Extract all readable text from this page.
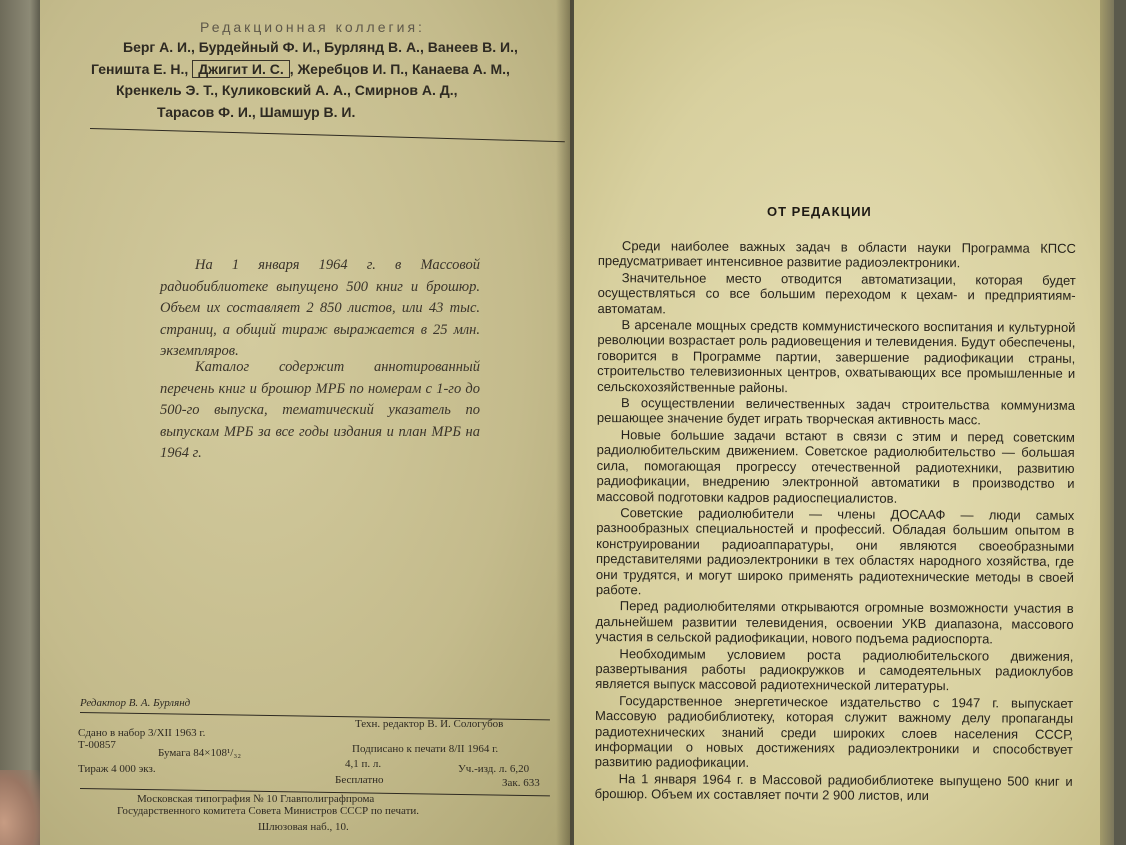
Редакционная коллегия:
Берг А. И., Бурдейный Ф. И., Бурлянд В. А., Ванеев В. И.,
Геништа Е. Н., Джигит И. С. , Жеребцов И. П., Канаева А. М.,
Кренкель Э. Т., Куликовский А. А., Смирнов А. Д.,
Тарасов Ф. И., Шамшур В. И.
На 1 января 1964 г. в Массовой радиобиблиотеке выпущено 500 книг и брошюр. Объем их составляет 2 850 листов, или 43 тыс. страниц, а общий тираж выражается в 25 млн. экземпляров.
Каталог содержит аннотированный перечень книг и брошюр МРБ по номерам с 1-го до 500-го выпуска, тематический указатель по выпускам МРБ за все годы издания и план МРБ на 1964 г.
Редактор В. А. Бурлянд
Техн. редактор В. И. Сологубов
Сдано в набор 3/XII 1963 г.
Т-00857
Бумага 84×108¹/₃₂
Тираж 4 000 экз.
Подписано к печати 8/II 1964 г.
4,1 п. л.	Уч.-изд. л. 6,20
Бесплатно	Зак. 633
Московская типография № 10 Главполиграфпрома
Государственного комитета Совета Министров СССР по печати.
Шлюзовая наб., 10.
ОТ РЕДАКЦИИ

Среди наиболее важных задач в области науки Программа КПСС предусматривает интенсивное развитие радиоэлектроники.

Значительное место отводится автоматизации, которая будет осуществляться со все большим переходом к цехам- и предприятиям-автоматам.

В арсенале мощных средств коммунистического воспитания и культурной революции возрастает роль радиовещения и телевидения. Будут обеспечены, говорится в Программе партии, завершение радиофикации страны, строительство телевизионных центров, охватывающих все промышленные и сельскохозяйственные районы.

В осуществлении величественных задач строительства коммунизма решающее значение будет играть творческая активность масс.

Новые большие задачи встают в связи с этим и перед советским радиолюбительским движением. Советское радиолюбительство — большая сила, помогающая прогрессу отечественной радиотехники, развитию радиофикации, внедрению электронной автоматики в производство и массовой подготовки кадров радиоспециалистов.

Советские радиолюбители — члены ДОСААФ — люди самых разнообразных специальностей и профессий. Обладая большим опытом в конструировании радиоаппаратуры, они являются своеобразными представителями радиоэлектроники в тех областях народного хозяйства, где они трудятся, и могут широко применять радиотехнические методы в своей работе.

Перед радиолюбителями открываются огромные возможности участия в дальнейшем развитии телевидения, освоении УКВ диапазона, массового участия в сельской радиофикации, нового подъема радиоспорта.

Необходимым условием роста радиолюбительского движения, развертывания работы радиокружков и самодеятельных радиоклубов является выпуск массовой радиотехнической литературы.

Государственное энергетическое издательство с 1947 г. выпускает Массовую радиобиблиотеку, которая служит важному делу пропаганды радиотехнических знаний среди широких слоев населения СССР, информации о новых достижениях радиоэлектроники и способствует развитию радиофикации.

На 1 января 1964 г. в Массовой радиобиблиотеке выпущено 500 книг и брошюр. Объем их составляет почти 2 900 листов, или
